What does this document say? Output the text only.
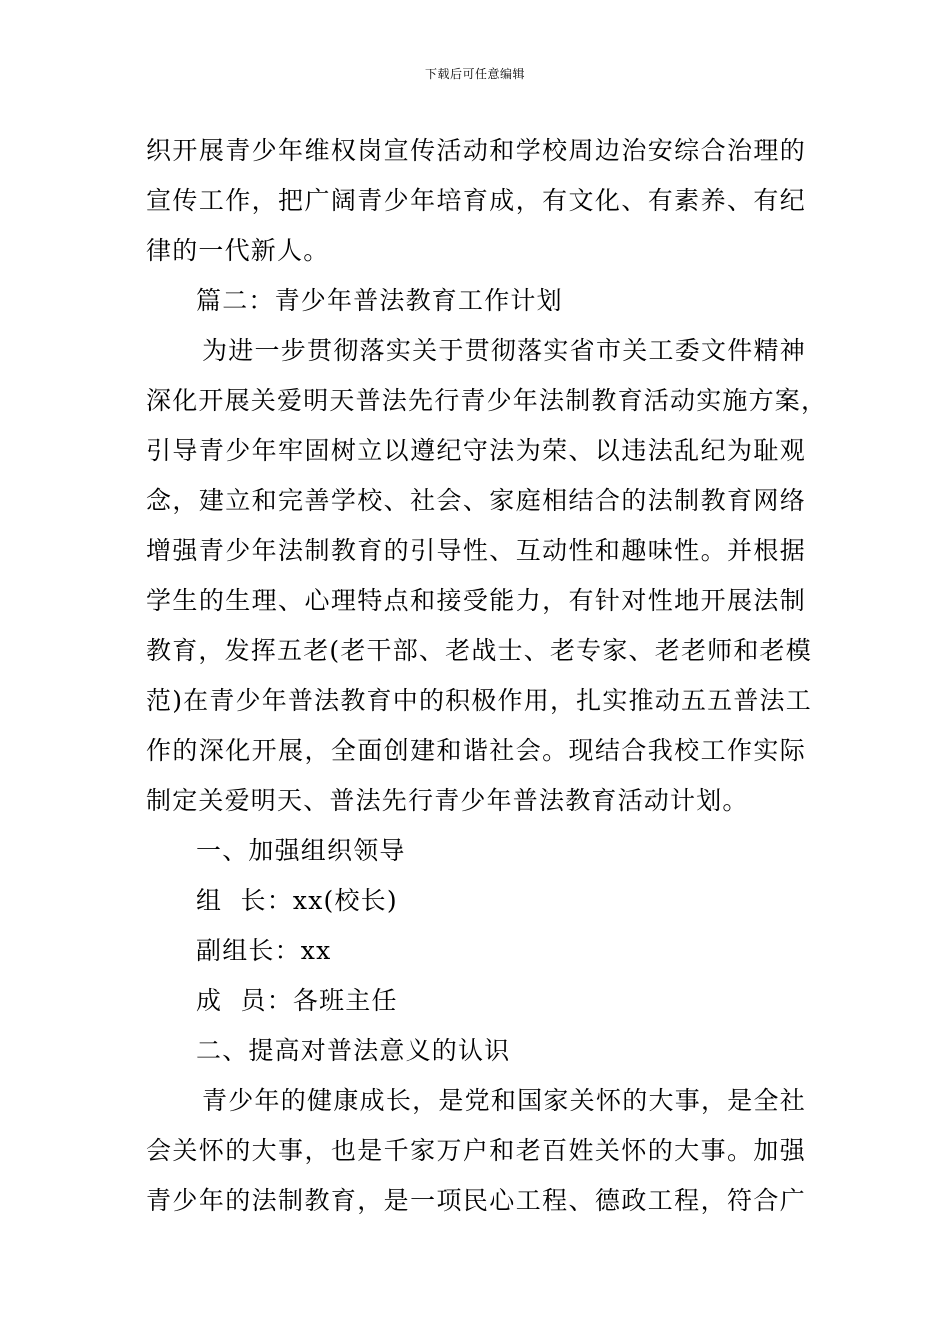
下载后可任意编辑
织开展青少年维权岗宣传活动和学校周边治安综合治理的
宣传工作，把广阔青少年培育成，有文化、有素养、有纪
律的一代新人。
篇二：青少年普法教育工作计划
为进一步贯彻落实关于贯彻落实省市关工委文件精神
深化开展关爱明天普法先行青少年法制教育活动实施方案，
引导青少年牢固树立以遵纪守法为荣、以违法乱纪为耻观
念，建立和完善学校、社会、家庭相结合的法制教育网络
增强青少年法制教育的引导性、互动性和趣味性。并根据
学生的生理、心理特点和接受能力，有针对性地开展法制
教育，发挥五老(老干部、老战士、老专家、老老师和老模
范)在青少年普法教育中的积极作用，扎实推动五五普法工
作的深化开展，全面创建和谐社会。现结合我校工作实际
制定关爱明天、普法先行青少年普法教育活动计划。
一、加强组织领导
组  长：xx(校长)
副组长：xx
成  员：各班主任
二、提高对普法意义的认识
青少年的健康成长，是党和国家关怀的大事，是全社
会关怀的大事，也是千家万户和老百姓关怀的大事。加强
青少年的法制教育，是一项民心工程、德政工程，符合广
